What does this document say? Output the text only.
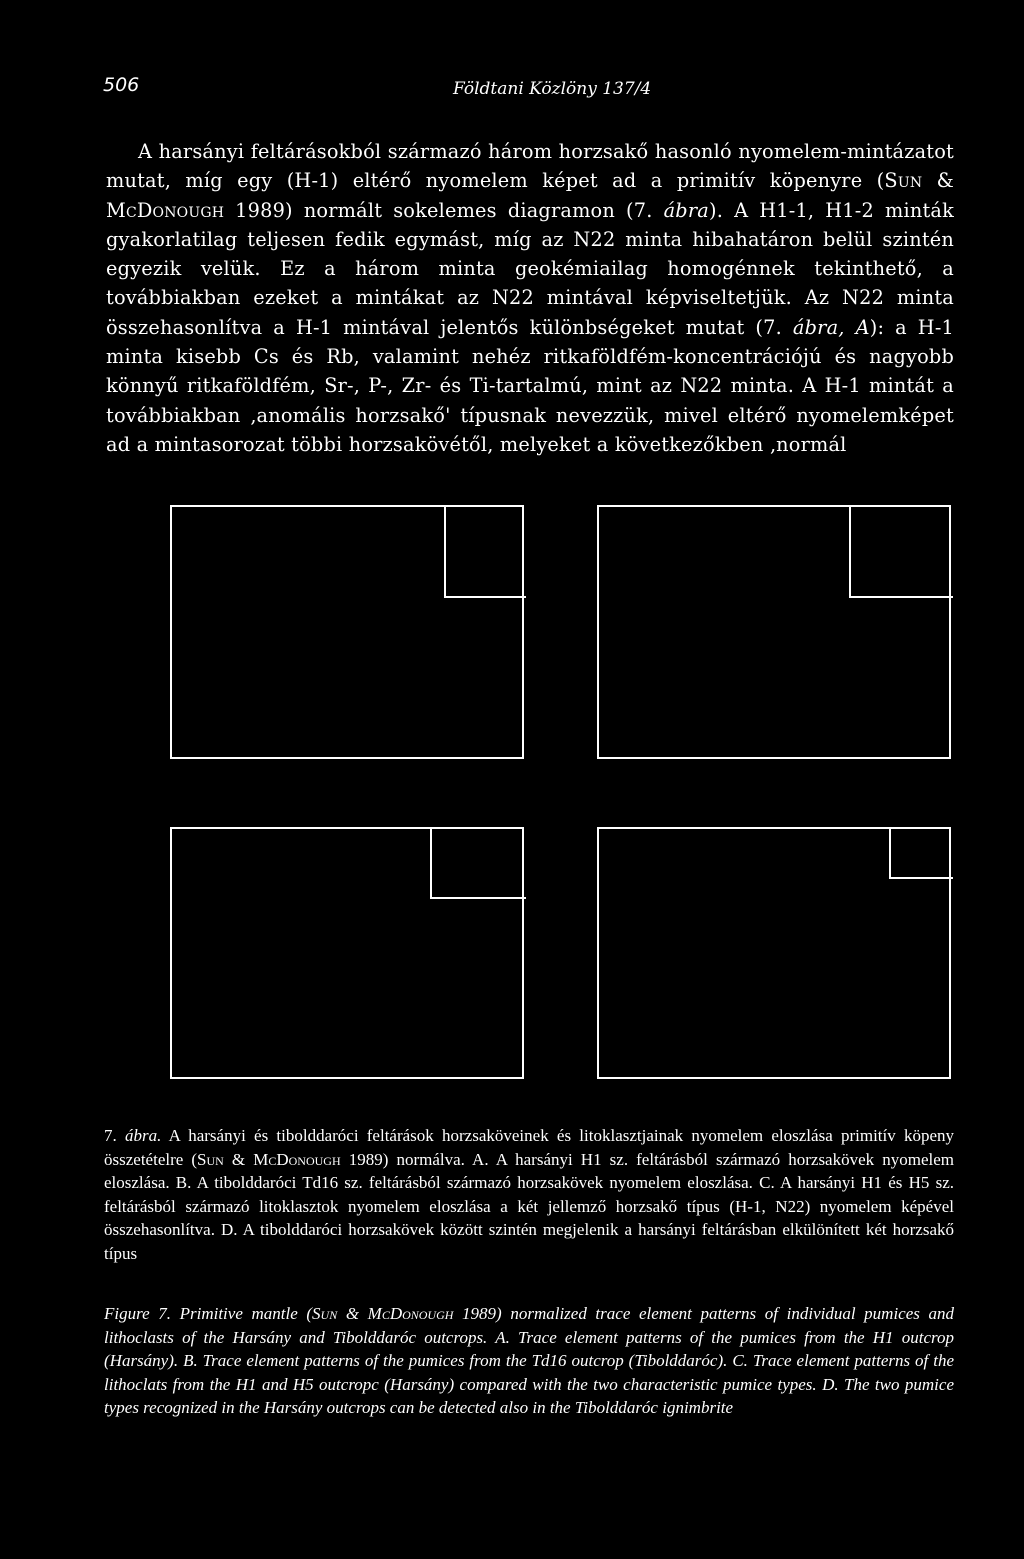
506	Földtani Közlöny 137/4

A harsányi feltárásokból származó három horzsakő hasonló nyomelem-mintázatot mutat, míg egy (H-1) eltérő nyomelem képet ad a primitív köpenyre (Sun & McDonough 1989) normált sokelemes diagramon (7. ábra). A H1-1, H1-2 minták gyakorlatilag teljesen fedik egymást, míg az N22 minta hibahatáron belül szintén egyezik velük. Ez a három minta geokémiailag homogénnek tekinthető, a továbbiakban ezeket a mintákat az N22 mintával képviseltetjük. Az N22 minta összehasonlítva a H-1 mintával jelentős különbségeket mutat (7. ábra, A): a H-1 minta kisebb Cs és Rb, valamint nehéz ritkaföldfém-koncentrációjú és nagyobb könnyű ritkaföldfém, Sr-, P-, Zr- és Ti-tartalmú, mint az N22 minta. A H-1 mintát a továbbiakban ‚anomális horzsakő' típusnak nevezzük, mivel eltérő nyomelemképet ad a mintasorozat többi horzsakövétől, melyeket a következőkben ‚normál

7. ábra. A harsányi és tibolddaróci feltárások horzsaköveinek és litoklasztjainak nyomelem eloszlása primitív köpeny összetételre (Sun & McDonough 1989) normálva. A. A harsányi H1 sz. feltárásból származó horzsakövek nyomelem eloszlása. B. A tibolddaróci Td16 sz. feltárásból származó horzsakövek nyomelem eloszlása. C. A harsányi H1 és H5 sz. feltárásból származó litoklasztok nyomelem eloszlása a két jellemző horzsakő típus (H-1, N22) nyomelem képével összehasonlítva. D. A tibolddaróci horzsakövek között szintén megjelenik a harsányi feltárásban elkülönített két horzsakő típus
Figure 7. Primitive mantle (Sun & McDonough 1989) normalized trace element patterns of individual pumices and lithoclasts of the Harsány and Tibolddaróc outcrops. A. Trace element patterns of the pumices from the H1 outcrop (Harsány). B. Trace element patterns of the pumices from the Td16 outcrop (Tibolddaróc). C. Trace element patterns of the lithoclats from the H1 and H5 outcropc (Harsány) compared with the two characteristic pumice types. D. The two pumice types recognized in the Harsány outcrops can be detected also in the Tibolddaróc ignimbrite
